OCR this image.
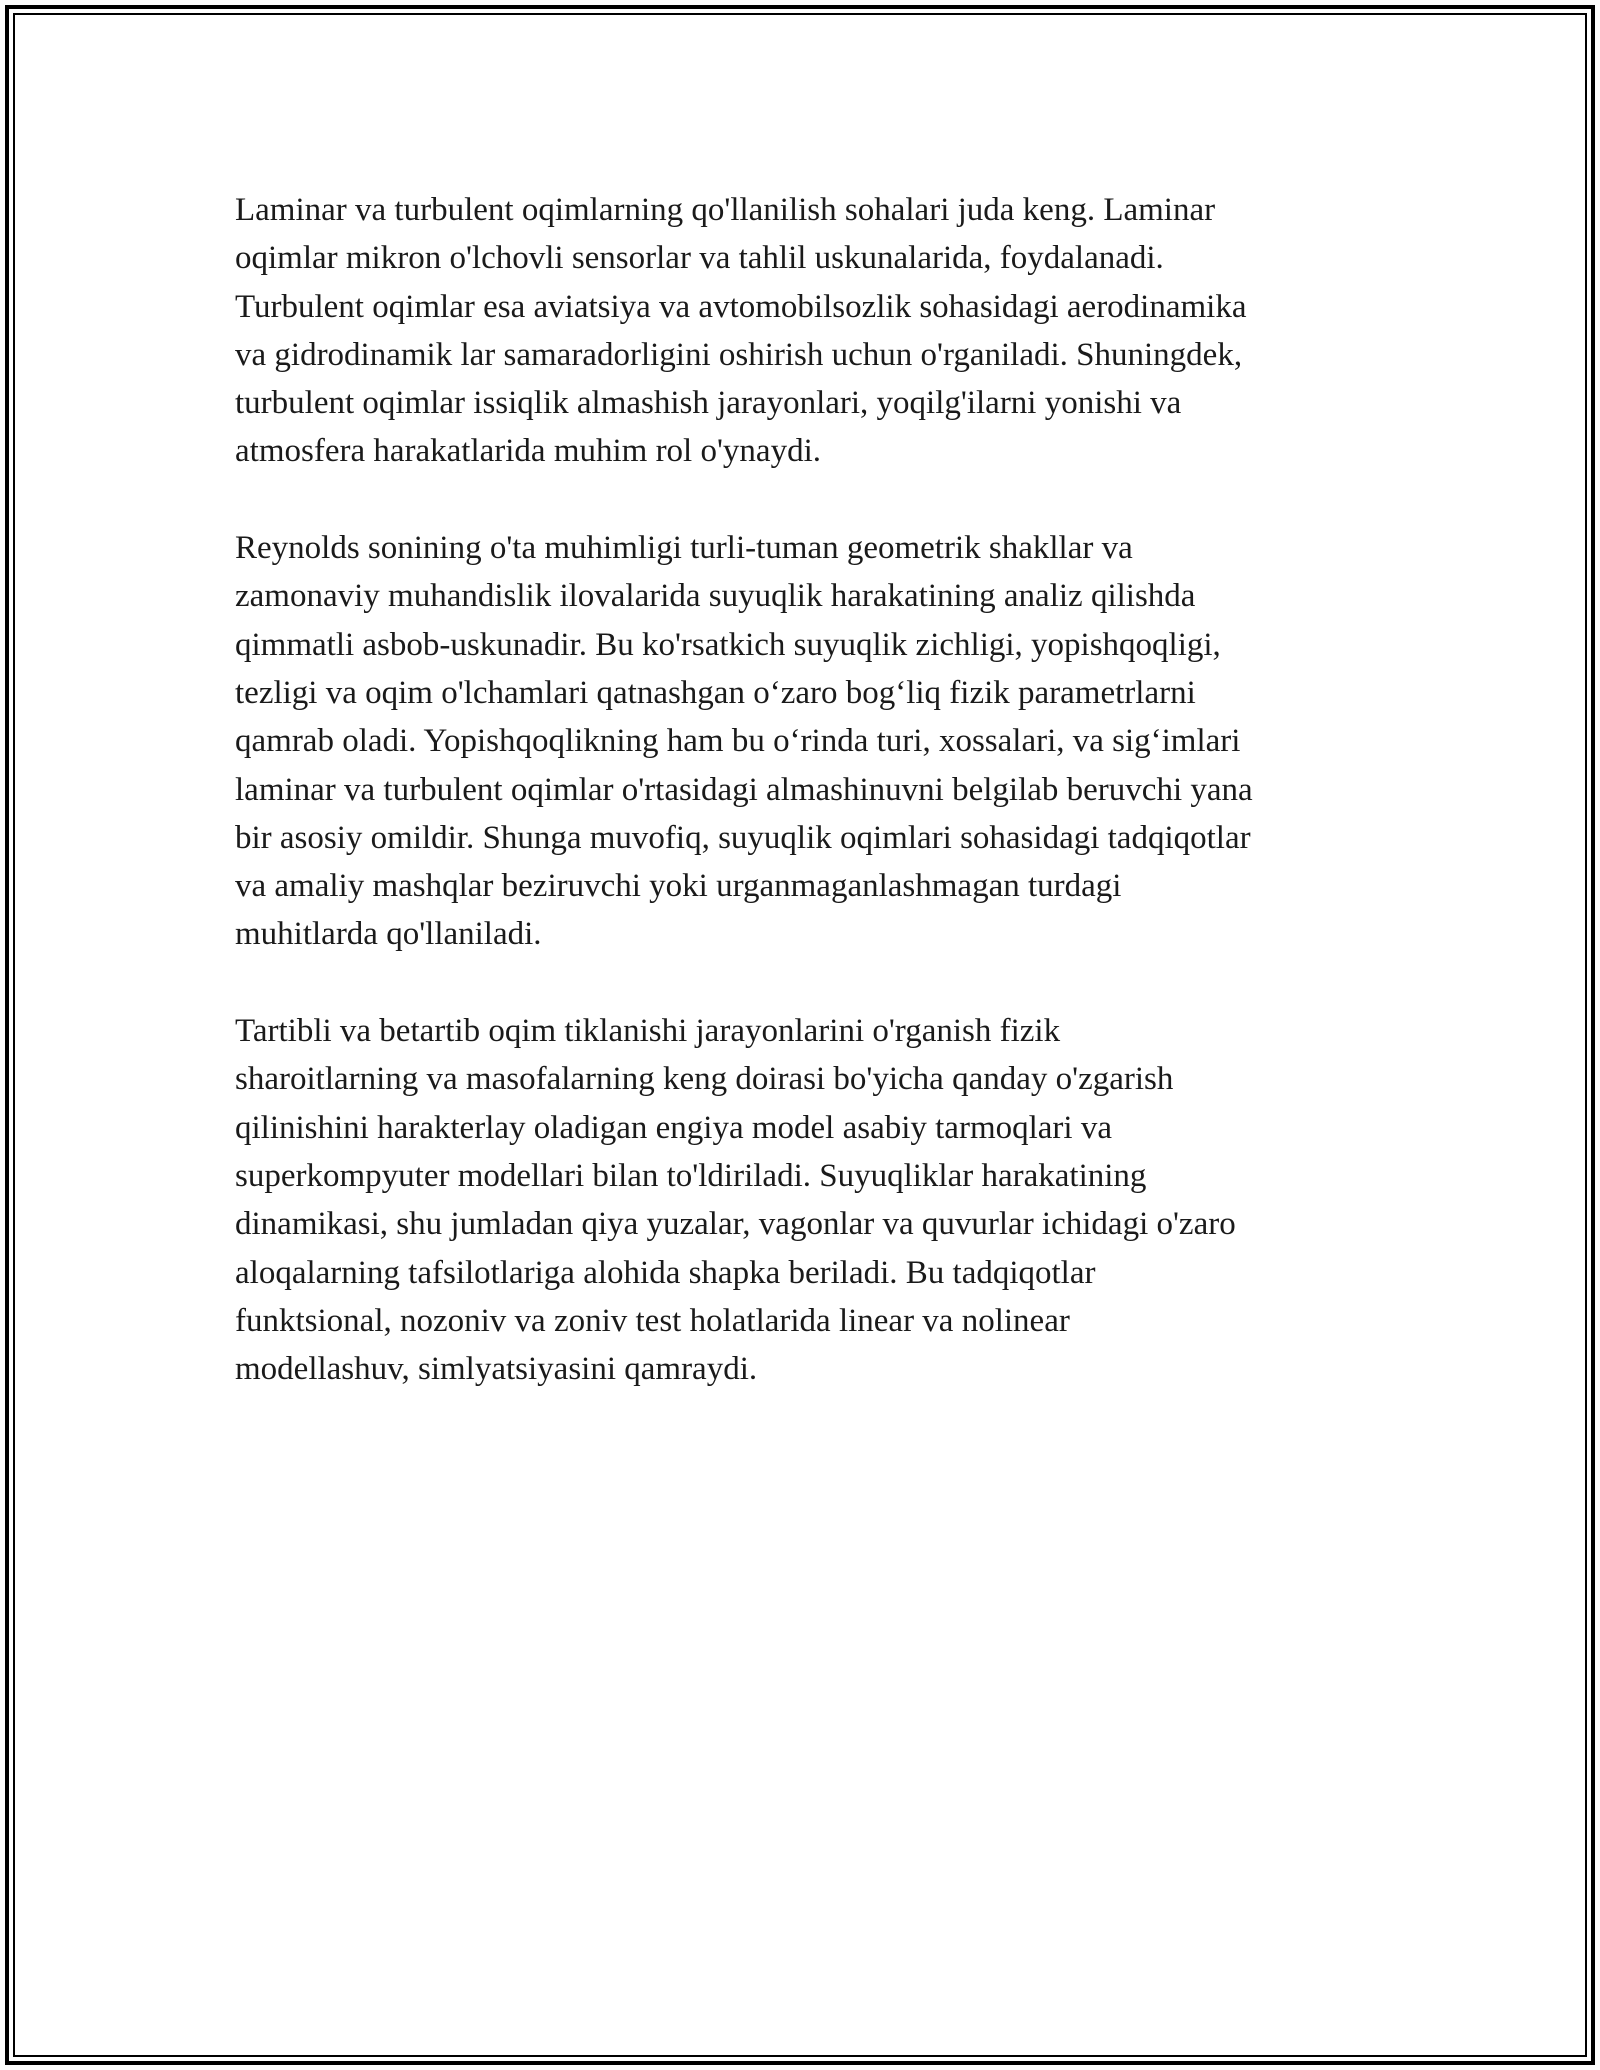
Laminar va turbulent oqimlarning qo'llanilish sohalari juda keng. Laminar
oqimlar mikron o'lchovli sensorlar va tahlil uskunalarida, foydalanadi.
Turbulent oqimlar esa aviatsiya va avtomobilsozlik sohasidagi aerodinamika
va gidrodinamik lar samaradorligini oshirish uchun o'rganiladi. Shuningdek,
turbulent oqimlar issiqlik almashish jarayonlari, yoqilg'ilarni yonishi va
atmosfera harakatlarida muhim rol o'ynaydi.

Reynolds sonining o'ta muhimligi turli-tuman geometrik shakllar va
zamonaviy muhandislik ilovalarida suyuqlik harakatining analiz qilishda
qimmatli asbob-uskunadir. Bu ko'rsatkich suyuqlik zichligi, yopishqoqligi,
tezligi va oqim o'lchamlari qatnashgan o‘zaro bog‘liq fizik parametrlarni
qamrab oladi. Yopishqoqlikning ham bu o‘rinda turi, xossalari, va sig‘imlari
laminar va turbulent oqimlar o'rtasidagi almashinuvni belgilab beruvchi yana
bir asosiy omildir. Shunga muvofiq, suyuqlik oqimlari sohasidagi tadqiqotlar
va amaliy mashqlar beziruvchi yoki urganmaganlashmagan turdagi
muhitlarda qo'llaniladi.

Tartibli va betartib oqim tiklanishi jarayonlarini o'rganish fizik
sharoitlarning va masofalarning keng doirasi bo'yicha qanday o'zgarish
qilinishini harakterlay oladigan engiya model asabiy tarmoqlari va
superkompyuter modellari bilan to'ldiriladi. Suyuqliklar harakatining
dinamikasi, shu jumladan qiya yuzalar, vagonlar va quvurlar ichidagi o'zaro
aloqalarning tafsilotlariga alohida shapka beriladi. Bu tadqiqotlar
funktsional, nozoniv va zoniv test holatlarida linear va nolinear
modellashuv, simlyatsiyasini qamraydi.
